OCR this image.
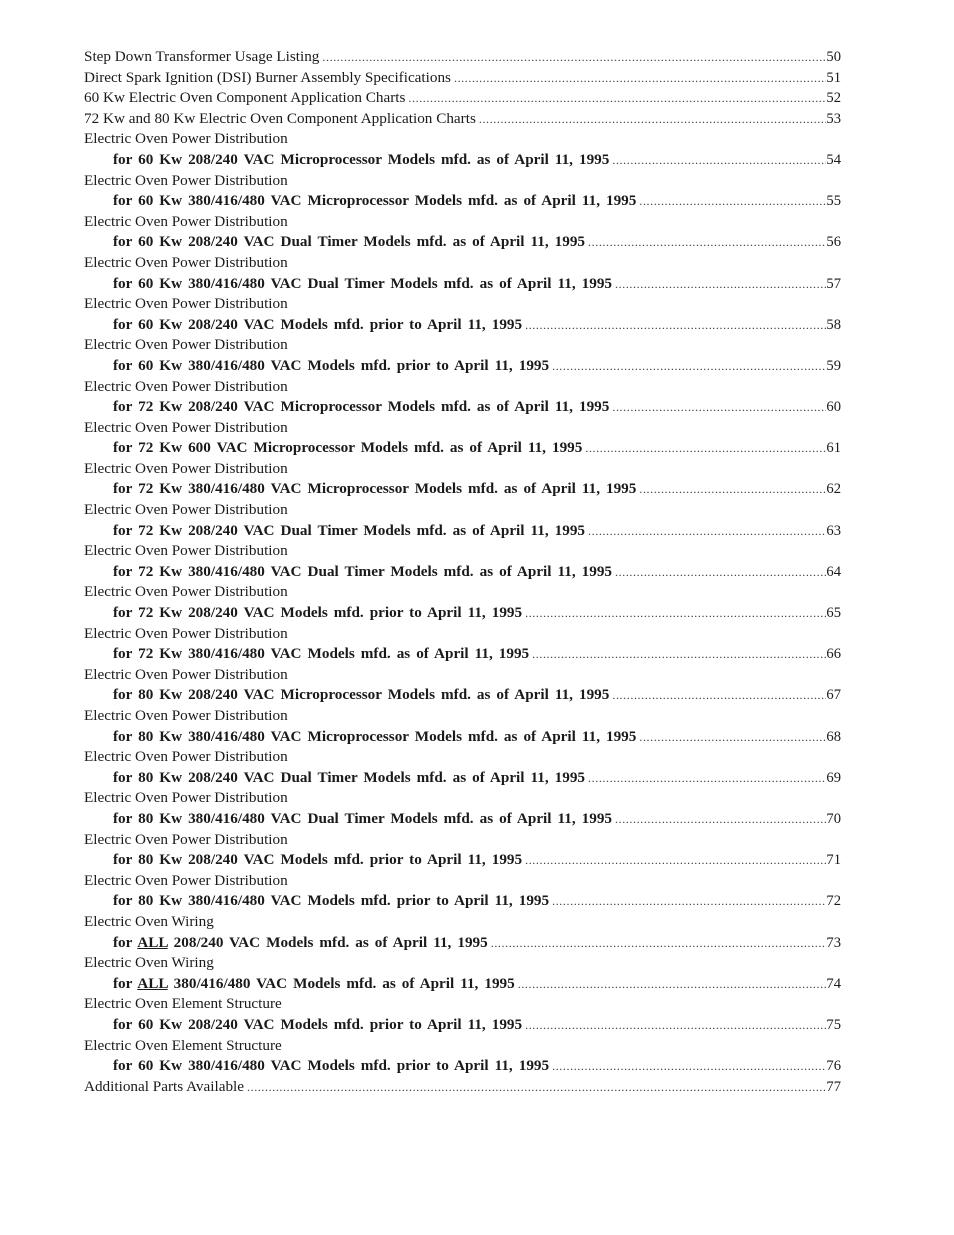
Step Down Transformer Usage Listing .....	50
Direct Spark Ignition (DSI) Burner Assembly Specifications .....	51
60 Kw Electric Oven Component Application Charts .....	52
72 Kw and 80 Kw Electric Oven Component Application Charts .....	53
Electric Oven Power Distribution
for 60 Kw 208/240 VAC Microprocessor Models mfd. as of April 11, 1995 .....	54
Electric Oven Power Distribution
for 60 Kw 380/416/480 VAC Microprocessor Models mfd. as of April 11, 1995 .....	55
Electric Oven Power Distribution
for 60 Kw 208/240 VAC Dual Timer Models mfd. as of April 11, 1995 .....	56
Electric Oven Power Distribution
for 60 Kw 380/416/480 VAC Dual Timer Models mfd. as of April 11, 1995 .....	57
Electric Oven Power Distribution
for 60 Kw 208/240 VAC Models mfd. prior to April 11, 1995 .....	58
Electric Oven Power Distribution
for 60 Kw 380/416/480 VAC Models mfd. prior to April 11, 1995 .....	59
Electric Oven Power Distribution
for 72 Kw 208/240 VAC Microprocessor Models mfd. as of April 11, 1995 .....	60
Electric Oven Power Distribution
for 72 Kw 600 VAC Microprocessor Models mfd. as of April 11, 1995 .....	61
Electric Oven Power Distribution
for 72 Kw 380/416/480 VAC Microprocessor Models mfd. as of April 11, 1995 .....	62
Electric Oven Power Distribution
for 72 Kw 208/240 VAC Dual Timer Models mfd. as of April 11, 1995 .....	63
Electric Oven Power Distribution
for 72 Kw 380/416/480 VAC Dual Timer Models mfd. as of April 11, 1995 .....	64
Electric Oven Power Distribution
for 72 Kw 208/240 VAC Models mfd. prior to April 11, 1995 .....	65
Electric Oven Power Distribution
for 72 Kw 380/416/480 VAC Models mfd. as of April 11, 1995 .....	66
Electric Oven Power Distribution
for 80 Kw 208/240 VAC Microprocessor Models mfd. as of April 11, 1995 .....	67
Electric Oven Power Distribution
for 80 Kw 380/416/480 VAC Microprocessor Models mfd. as of April 11, 1995 .....	68
Electric Oven Power Distribution
for 80 Kw 208/240 VAC Dual Timer Models mfd. as of April 11, 1995 .....	69
Electric Oven Power Distribution
for 80 Kw 380/416/480 VAC Dual Timer Models mfd. as of April 11, 1995 .....	70
Electric Oven Power Distribution
for 80 Kw 208/240 VAC Models mfd. prior to April 11, 1995 .....	71
Electric Oven Power Distribution
for 80 Kw 380/416/480 VAC Models mfd. prior to April 11, 1995 .....	72
Electric Oven Wiring
for ALL 208/240 VAC Models mfd. as of April 11, 1995 .....	73
Electric Oven Wiring
for ALL 380/416/480 VAC Models mfd. as of April 11, 1995 .....	74
Electric Oven Element Structure
for 60 Kw 208/240 VAC Models mfd. prior to April 11, 1995 .....	75
Electric Oven Element Structure
for 60 Kw 380/416/480 VAC Models mfd. prior to April 11, 1995 .....	76
Additional Parts Available .....	77
